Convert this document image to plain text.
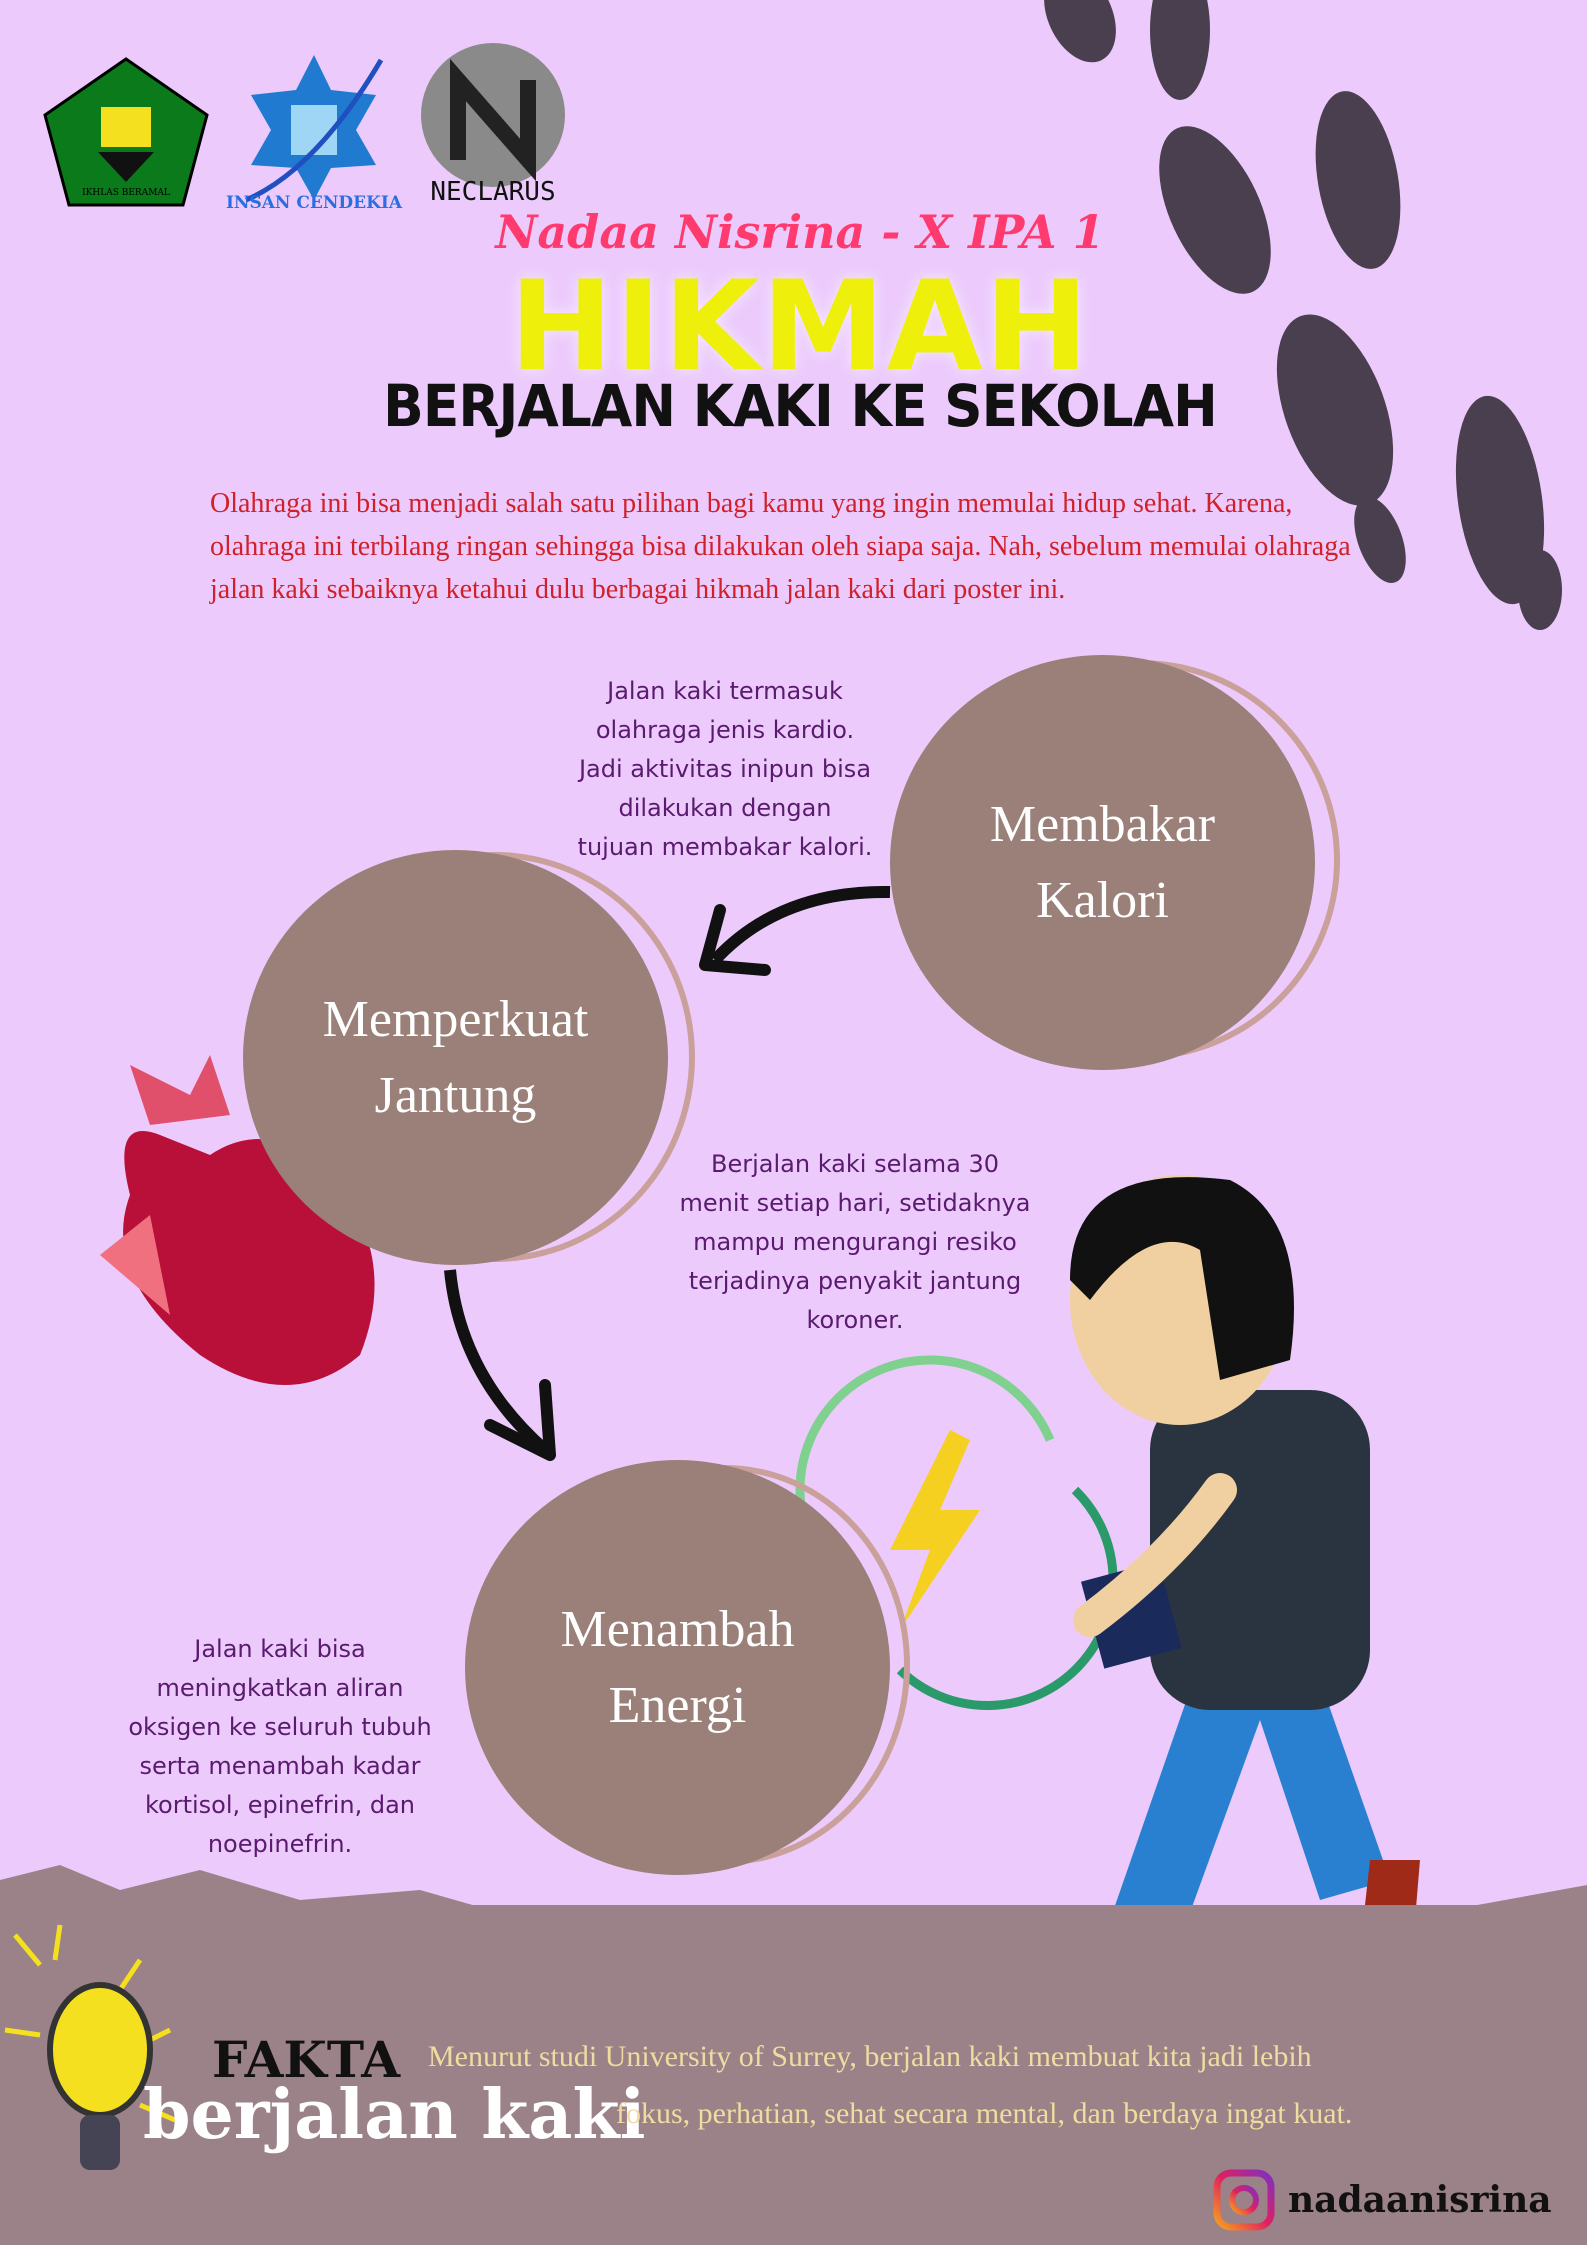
IKHLAS BERAMAL	INSAN CENDEKIA NECLARUS
Nadaa Nisrina - X IPA 1
HIKMAH
BERJALAN KAKI KE SEKOLAH

Olahraga ini bisa menjadi salah satu pilihan bagi kamu yang ingin memulai hidup sehat. Karena, olahraga ini terbilang ringan sehingga bisa dilakukan oleh siapa saja. Nah, sebelum memulai olahraga jalan kaki sebaiknya ketahui dulu berbagai hikmah jalan kaki dari poster ini.

Jalan kaki termasuk
olahraga jenis kardio.
Jadi aktivitas inipun bisa
dilakukan dengan
tujuan membakar kalori.	Membakar
Kalori
Memperkuat
Jantung
Berjalan kaki selama 30
menit setiap hari, setidaknya
mampu mengurangi resiko
terjadinya penyakit jantung
koroner.
Menambah
Energi
Jalan kaki bisa
meningkatkan aliran
oksigen ke seluruh tubuh
serta menambah kadar
kortisol, epinefrin, dan
noepinefrin.
FAKTA
berjalan kaki
Menurut studi University of Surrey, berjalan kaki membuat kita jadi lebih
fokus, perhatian, sehat secara mental, dan berdaya ingat kuat.
nadaanisrina
